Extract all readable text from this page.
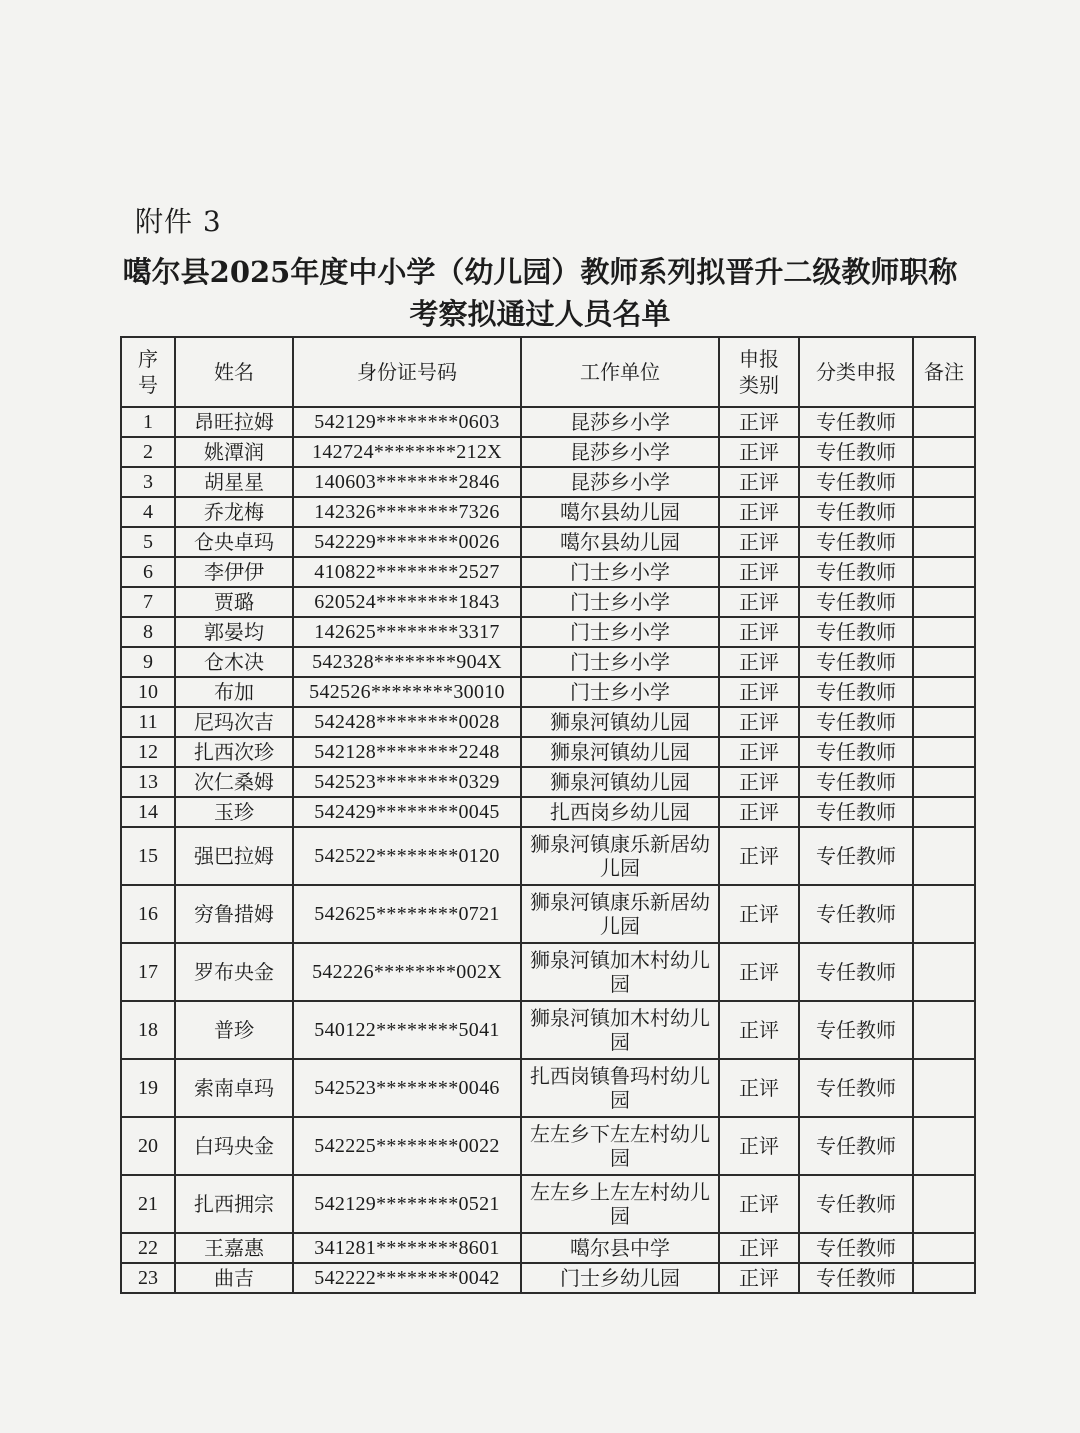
附件 3
噶尔县2025年度中小学（幼儿园）教师系列拟晋升二级教师职称
考察拟通过人员名单
序号	姓名	身份证号码	工作单位	申报类别	分类申报	备注
1	昂旺拉姆	542129********0603	昆莎乡小学	正评	专任教师	
2	姚潭润	142724********212X	昆莎乡小学	正评	专任教师	
3	胡星星	140603********2846	昆莎乡小学	正评	专任教师	
4	乔龙梅	142326********7326	噶尔县幼儿园	正评	专任教师	
5	仓央卓玛	542229********0026	噶尔县幼儿园	正评	专任教师	
6	李伊伊	410822********2527	门士乡小学	正评	专任教师	
7	贾璐	620524********1843	门士乡小学	正评	专任教师	
8	郭晏均	142625********3317	门士乡小学	正评	专任教师	
9	仓木决	542328********904X	门士乡小学	正评	专任教师	
10	布加	542526********30010	门士乡小学	正评	专任教师	
11	尼玛次吉	542428********0028	狮泉河镇幼儿园	正评	专任教师	
12	扎西次珍	542128********2248	狮泉河镇幼儿园	正评	专任教师	
13	次仁桑姆	542523********0329	狮泉河镇幼儿园	正评	专任教师	
14	玉珍	542429********0045	扎西岗乡幼儿园	正评	专任教师	
15	强巴拉姆	542522********0120	狮泉河镇康乐新居幼儿园	正评	专任教师	
16	穷鲁措姆	542625********0721	狮泉河镇康乐新居幼儿园	正评	专任教师	
17	罗布央金	542226********002X	狮泉河镇加木村幼儿园	正评	专任教师	
18	普珍	540122********5041	狮泉河镇加木村幼儿园	正评	专任教师	
19	索南卓玛	542523********0046	扎西岗镇鲁玛村幼儿园	正评	专任教师	
20	白玛央金	542225********0022	左左乡下左左村幼儿园	正评	专任教师	
21	扎西拥宗	542129********0521	左左乡上左左村幼儿园	正评	专任教师	
22	王嘉惠	341281********8601	噶尔县中学	正评	专任教师	
23	曲吉	542222********0042	门士乡幼儿园	正评	专任教师	
